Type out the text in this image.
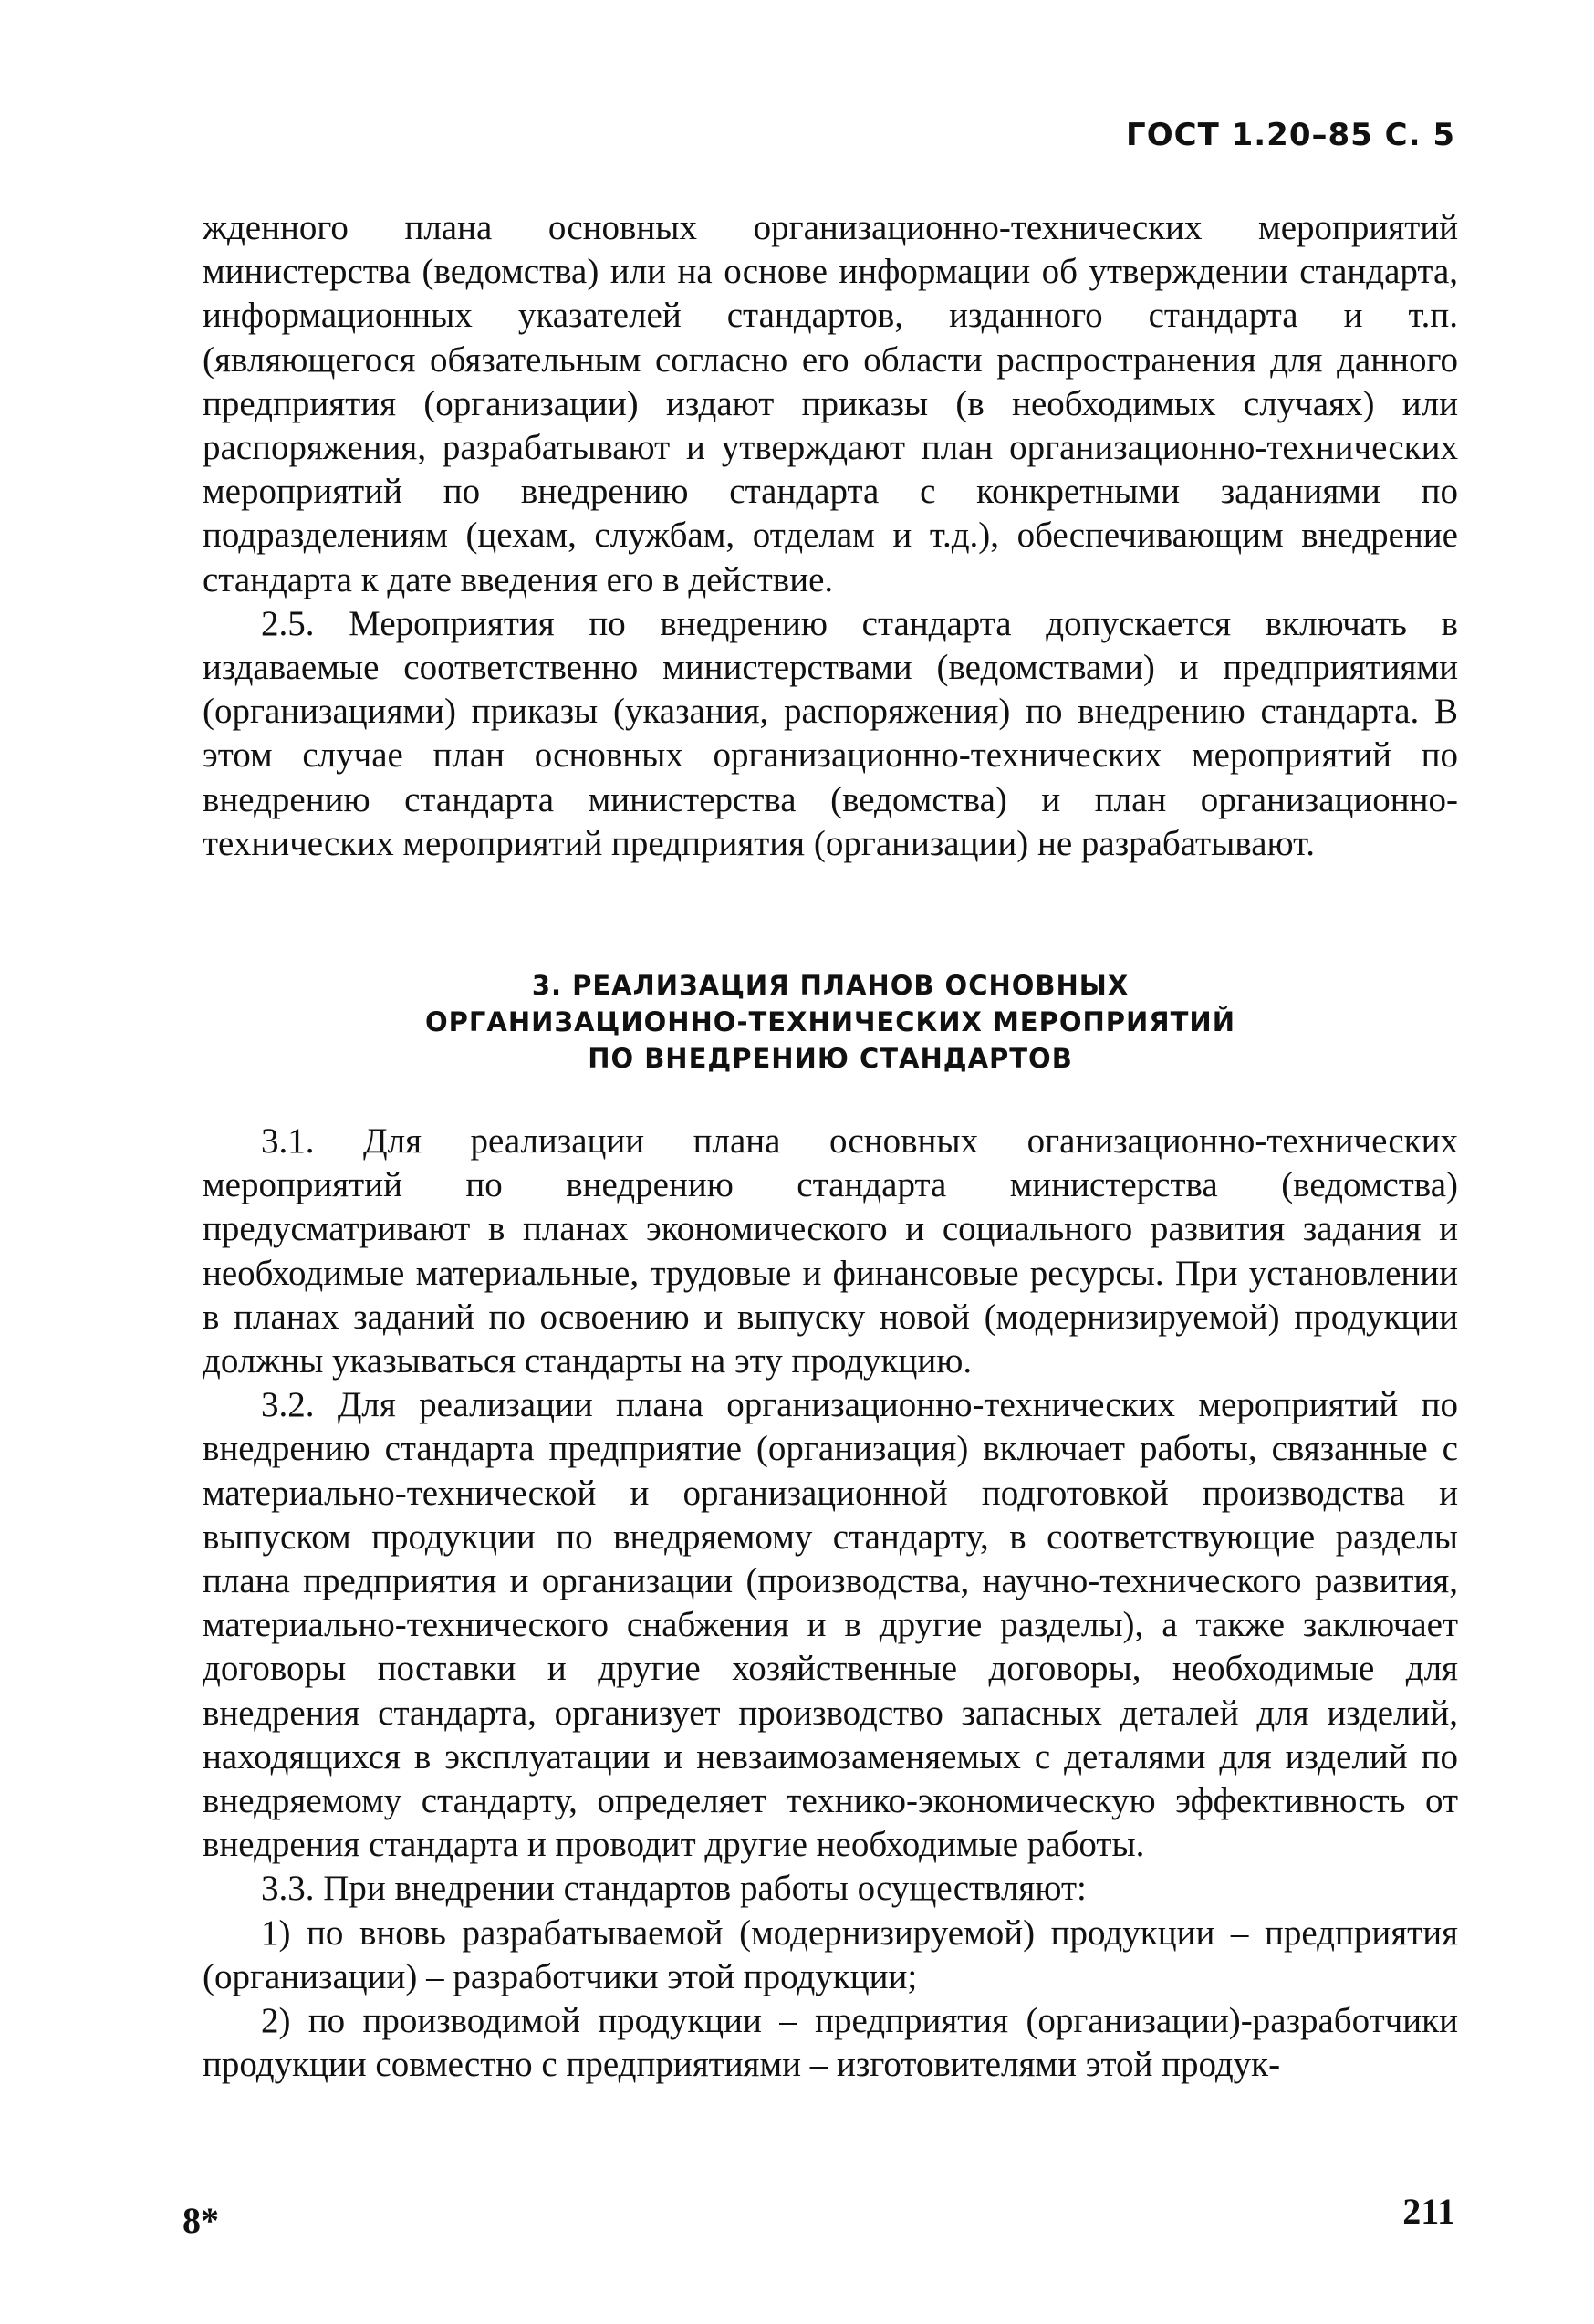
ГОСТ 1.20–85 С. 5

жденного плана основных организационно-технических мероприятий министерства (ведомства) или на основе информации об утверждении стандарта, информационных указателей стандартов, изданного стандарта и т.п. (являющегося обязательным согласно его области распространения для данного предприятия (организации) издают приказы (в необходимых случаях) или распоряжения, разрабатывают и утверждают план организационно-технических мероприятий по внедрению стандарта с конкретными заданиями по подразделениям (цехам, службам, отделам и т.д.), обеспечивающим внедрение стандарта к дате введения его в действие.

2.5. Мероприятия по внедрению стандарта допускается включать в издаваемые соответственно министерствами (ведомствами) и предприятиями (организациями) приказы (указания, распоряжения) по внедрению стандарта. В этом случае план основных организационно-технических мероприятий по внедрению стандарта министерства (ведомства) и план организационно-технических мероприятий предприятия (организации) не разрабатывают.

3. РЕАЛИЗАЦИЯ ПЛАНОВ ОСНОВНЫХ
ОРГАНИЗАЦИОННО-ТЕХНИЧЕСКИХ МЕРОПРИЯТИЙ
ПО ВНЕДРЕНИЮ СТАНДАРТОВ

3.1. Для реализации плана основных оганизационно-технических мероприятий по внедрению стандарта министерства (ведомства) предусматривают в планах экономического и социального развития задания и необходимые материальные, трудовые и финансовые ресурсы. При установлении в планах заданий по освоению и выпуску новой (модернизируемой) продукции должны указываться стандарты на эту продукцию.

3.2. Для реализации плана организационно-технических мероприятий по внедрению стандарта предприятие (организация) включает работы, связанные с материально-технической и организационной подготовкой производства и выпуском продукции по внедряемому стандарту, в соответствующие разделы плана предприятия и организации (производства, научно-технического развития, материально-технического снабжения и в другие разделы), а также заключает договоры поставки и другие хозяйственные договоры, необходимые для внедрения стандарта, организует производство запасных деталей для изделий, находящихся в эксплуатации и невзаимозаменяемых с деталями для изделий по внедряемому стандарту, определяет технико-экономическую эффективность от внедрения стандарта и проводит другие необходимые работы.

3.3. При внедрении стандартов работы осуществляют:

1) по вновь разрабатываемой (модернизируемой) продукции – предприятия (организации) – разработчики этой продукции;

2) по производимой продукции – предприятия (организации)-разработчики продукции совместно с предприятиями – изготовителями этой продук-

8*	211
